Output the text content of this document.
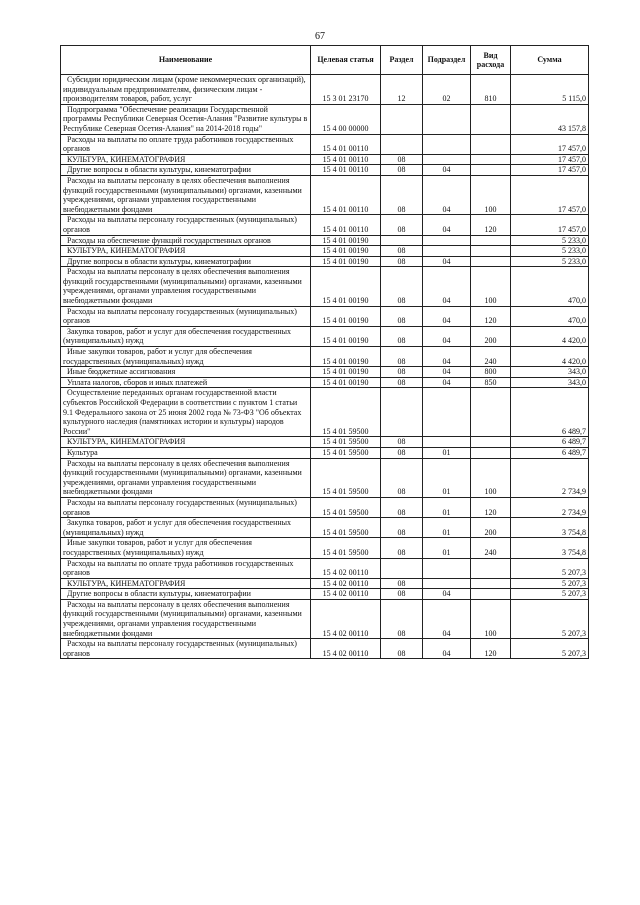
67
Наименование	Целевая статья	Раздел	Подраздел	Вид расхода	Сумма
Субсидии юридическим лицам (кроме некоммерческих организаций), индивидуальным предпринимателям, физическим лицам - производителям товаров, работ, услуг	15 3 01 23170	12	02	810	5 115,0
Подпрограмма "Обеспечение реализации Государственной программы Республики Северная Осетия-Алания "Развитие культуры в Республике Северная Осетия-Алания" на 2014-2018 годы"	15 4 00 00000				43 157,8
Расходы на выплаты по оплате труда работников государственных органов	15 4 01 00110				17 457,0
КУЛЬТУРА, КИНЕМАТОГРАФИЯ	15 4 01 00110	08			17 457,0
Другие вопросы в области культуры, кинематографии	15 4 01 00110	08	04		17 457,0
Расходы на выплаты персоналу в целях обеспечения выполнения функций государственными (муниципальными) органами, казенными учреждениями, органами управления государственными внебюджетными фондами	15 4 01 00110	08	04	100	17 457,0
Расходы на выплаты персоналу государственных (муниципальных) органов	15 4 01 00110	08	04	120	17 457,0
Расходы на обеспечение функций государственных органов	15 4 01 00190				5 233,0
КУЛЬТУРА, КИНЕМАТОГРАФИЯ	15 4 01 00190	08			5 233,0
Другие вопросы в области культуры, кинематографии	15 4 01 00190	08	04		5 233,0
Расходы на выплаты персоналу в целях обеспечения выполнения функций государственными (муниципальными) органами, казенными учреждениями, органами управления государственными внебюджетными фондами	15 4 01 00190	08	04	100	470,0
Расходы на выплаты персоналу государственных (муниципальных) органов	15 4 01 00190	08	04	120	470,0
Закупка товаров, работ и услуг для обеспечения государственных (муниципальных) нужд	15 4 01 00190	08	04	200	4 420,0
Иные закупки товаров, работ и услуг для обеспечения государственных (муниципальных) нужд	15 4 01 00190	08	04	240	4 420,0
Иные бюджетные ассигнования	15 4 01 00190	08	04	800	343,0
Уплата налогов, сборов и иных платежей	15 4 01 00190	08	04	850	343,0
Осуществление переданных органам государственной власти субъектов Российской Федерации в соответствии с пунктом 1 статьи 9.1 Федерального закона от 25 июня 2002 года № 73-ФЗ "Об объектах культурного наследия (памятниках истории и культуры) народов России"	15 4 01 59500				6 489,7
КУЛЬТУРА, КИНЕМАТОГРАФИЯ	15 4 01 59500	08			6 489,7
Культура	15 4 01 59500	08	01		6 489,7
Расходы на выплаты персоналу в целях обеспечения выполнения функций государственными (муниципальными) органами, казенными учреждениями, органами управления государственными внебюджетными фондами	15 4 01 59500	08	01	100	2 734,9
Расходы на выплаты персоналу государственных (муниципальных) органов	15 4 01 59500	08	01	120	2 734,9
Закупка товаров, работ и услуг для обеспечения государственных (муниципальных) нужд	15 4 01 59500	08	01	200	3 754,8
Иные закупки товаров, работ и услуг для обеспечения государственных (муниципальных) нужд	15 4 01 59500	08	01	240	3 754,8
Расходы на выплаты по оплате труда работников государственных органов	15 4 02 00110				5 207,3
КУЛЬТУРА, КИНЕМАТОГРАФИЯ	15 4 02 00110	08			5 207,3
Другие вопросы в области культуры, кинематографии	15 4 02 00110	08	04		5 207,3
Расходы на выплаты персоналу в целях обеспечения выполнения функций государственными (муниципальными) органами, казенными учреждениями, органами управления государственными внебюджетными фондами	15 4 02 00110	08	04	100	5 207,3
Расходы на выплаты персоналу государственных (муниципальных) органов	15 4 02 00110	08	04	120	5 207,3
